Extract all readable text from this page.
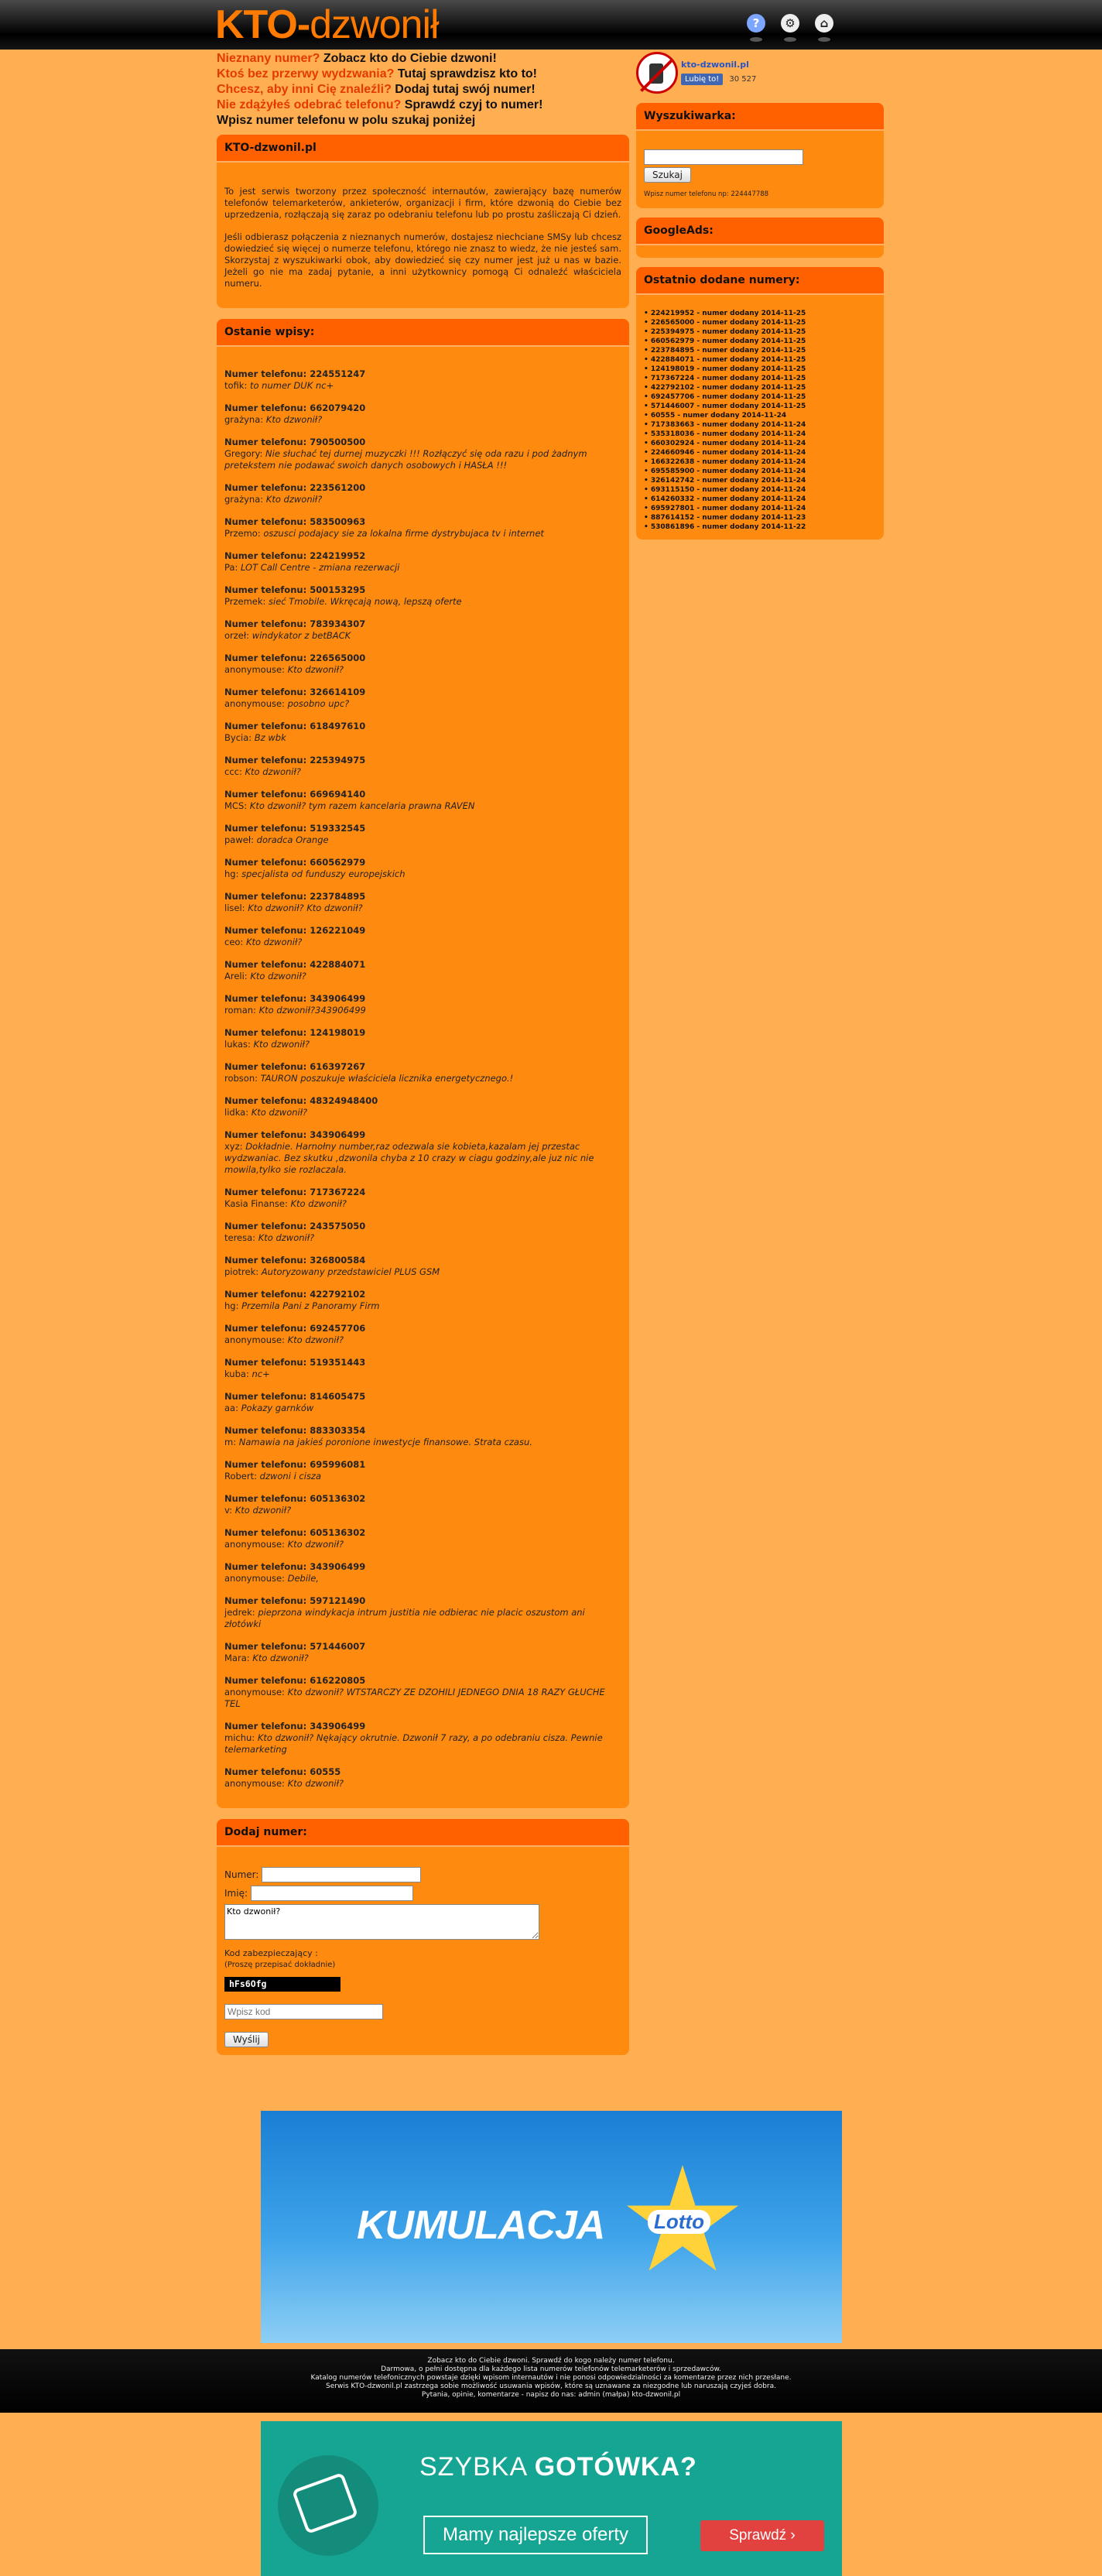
KTO-dzwonił	?	⚙	⌂
Nieznany numer? Zobacz kto do Ciebie dzwoni!
Ktoś bez przerwy wydzwania? Tutaj sprawdzisz kto to!
Chcesz, aby inni Cię znaleźli? Dodaj tutaj swój numer!
Nie zdążyłeś odebrać telefonu? Sprawdź czyj to numer!
Wpisz numer telefonu w polu szukaj poniżej
KTO-dzwonil.pl

To jest serwis tworzony przez społeczność internautów, zawierający bazę numerów telefonów telemarketerów, ankieterów, organizacji i firm, które dzwonią do Ciebie bez uprzedzenia, rozłączają się zaraz po odebraniu telefonu lub po prostu zaśliczają Ci dzień.

Jeśli odbierasz połączenia z nieznanych numerów, dostajesz niechciane SMSy lub chcesz dowiedzieć się więcej o numerze telefonu, którego nie znasz to wiedz, że nie jesteś sam. Skorzystaj z wyszukiwarki obok, aby dowiedzieć się czy numer jest już u nas w bazie. Jeżeli go nie ma zadaj pytanie, a inni użytkownicy pomogą Ci odnaleźć właściciela numeru.

Ostanie wpisy:
Numer telefonu: 224551247
tofik: to numer DUK nc+
Numer telefonu: 662079420
grażyna: Kto dzwonił?
Numer telefonu: 790500500
Gregory: Nie słuchać tej durnej muzyczki !!! Rozłączyć się oda razu i pod żadnym pretekstem nie podawać swoich danych osobowych i HASŁA !!!
Numer telefonu: 223561200
grażyna: Kto dzwonił?
Numer telefonu: 583500963
Przemo: oszusci podajacy sie za lokalna firme dystrybujaca tv i internet
Numer telefonu: 224219952
Pa: LOT Call Centre - zmiana rezerwacji
Numer telefonu: 500153295
Przemek: sieć Tmobile. Wkręcają nową, lepszą oferte
Numer telefonu: 783934307
orzeł: windykator z betBACK
Numer telefonu: 226565000
anonymouse: Kto dzwonił?
Numer telefonu: 326614109
anonymouse: posobno upc?
Numer telefonu: 618497610
Bycia: Bz wbk
Numer telefonu: 225394975
ccc: Kto dzwonił?
Numer telefonu: 669694140
MCS: Kto dzwonił? tym razem kancelaria prawna RAVEN
Numer telefonu: 519332545
paweł: doradca Orange
Numer telefonu: 660562979
hg: specjalista od funduszy europejskich
Numer telefonu: 223784895
lisel: Kto dzwonił? Kto dzwonił?
Numer telefonu: 126221049
ceo: Kto dzwonił?
Numer telefonu: 422884071
Areli: Kto dzwonił?
Numer telefonu: 343906499
roman: Kto dzwonił?343906499
Numer telefonu: 124198019
lukas: Kto dzwonił?
Numer telefonu: 616397267
robson: TAURON poszukuje właściciela licznika energetycznego.!
Numer telefonu: 48324948400
lidka: Kto dzwonił?
Numer telefonu: 343906499
xyz: Dokładnie. Harnołny number,raz odezwala sie kobieta,kazalam jej przestac wydzwaniac. Bez skutku ,dzwonila chyba z 10 crazy w ciagu godziny,ale juz nic nie mowila,tylko sie rozlaczala.
Numer telefonu: 717367224
Kasia Finanse: Kto dzwonił?
Numer telefonu: 243575050
teresa: Kto dzwonił?
Numer telefonu: 326800584
piotrek: Autoryzowany przedstawiciel PLUS GSM
Numer telefonu: 422792102
hg: Przemila Pani z Panoramy Firm
Numer telefonu: 692457706
anonymouse: Kto dzwonił?
Numer telefonu: 519351443
kuba: nc+
Numer telefonu: 814605475
aa: Pokazy garnków
Numer telefonu: 883303354
m: Namawia na jakieś poronione inwestycje finansowe. Strata czasu.
Numer telefonu: 695996081
Robert: dzwoni i cisza
Numer telefonu: 605136302
v: Kto dzwonił?
Numer telefonu: 605136302
anonymouse: Kto dzwonił?
Numer telefonu: 343906499
anonymouse: Debile,
Numer telefonu: 597121490
jedrek: pieprzona windykacja intrum justitia nie odbierac nie placic oszustom ani złotówki
Numer telefonu: 571446007
Mara: Kto dzwonił?
Numer telefonu: 616220805
anonymouse: Kto dzwonił? WTSTARCZY ZE DZOHILI JEDNEGO DNIA 18 RAZY GŁUCHE TEL
Numer telefonu: 343906499
michu: Kto dzwonił? Nękający okrutnie. Dzwonił 7 razy, a po odebraniu cisza. Pewnie telemarketing
Numer telefonu: 60555
anonymouse: Kto dzwonił?
Dodaj numer:
Numer:
Imię:
Kto dzwonił?
Kod zabezpieczający :
(Proszę przepisać dokładnie)
hFs6Ofg
Wpisz kod
Wyślij
kto-dzwonil.pl
Lubię to! 30 527
Wyszukiwarka:

Szukaj
Wpisz numer telefonu np: 224447788
GoogleAds:
Ostatnio dodane numery:
• 224219952 - numer dodany 2014-11-25
• 226565000 - numer dodany 2014-11-25
• 225394975 - numer dodany 2014-11-25
• 660562979 - numer dodany 2014-11-25
• 223784895 - numer dodany 2014-11-25
• 422884071 - numer dodany 2014-11-25
• 124198019 - numer dodany 2014-11-25
• 717367224 - numer dodany 2014-11-25
• 422792102 - numer dodany 2014-11-25
• 692457706 - numer dodany 2014-11-25
• 571446007 - numer dodany 2014-11-25
• 60555 - numer dodany 2014-11-24
• 717383663 - numer dodany 2014-11-24
• 535318036 - numer dodany 2014-11-24
• 660302924 - numer dodany 2014-11-24
• 224660946 - numer dodany 2014-11-24
• 166322638 - numer dodany 2014-11-24
• 695585900 - numer dodany 2014-11-24
• 326142742 - numer dodany 2014-11-24
• 693115150 - numer dodany 2014-11-24
• 614260332 - numer dodany 2014-11-24
• 695927801 - numer dodany 2014-11-24
• 887614152 - numer dodany 2014-11-23
• 530861896 - numer dodany 2014-11-22
KUMULACJA	Lotto
Zobacz kto do Ciebie dzwoni. Sprawdź do kogo należy numer telefonu.
Darmowa, o pełni dostępna dla każdego lista numerów telefonów telemarketerów i sprzedawców.
Katalog numerów telefonicznych powstaje dzięki wpisom internautów i nie ponosi odpowiedzialności za komentarze przez nich przesłane.
Serwis KTO-dzwonil.pl zastrzega sobie możliwość usuwania wpisów, które są uznawane za niezgodne lub naruszają czyjeś dobra.
Pytania, opinie, komentarze - napisz do nas: admin (małpa) kto-dzwonil.pl
SZYBKA GOTÓWKA?
Mamy najlepsze oferty	Sprawdź ›
